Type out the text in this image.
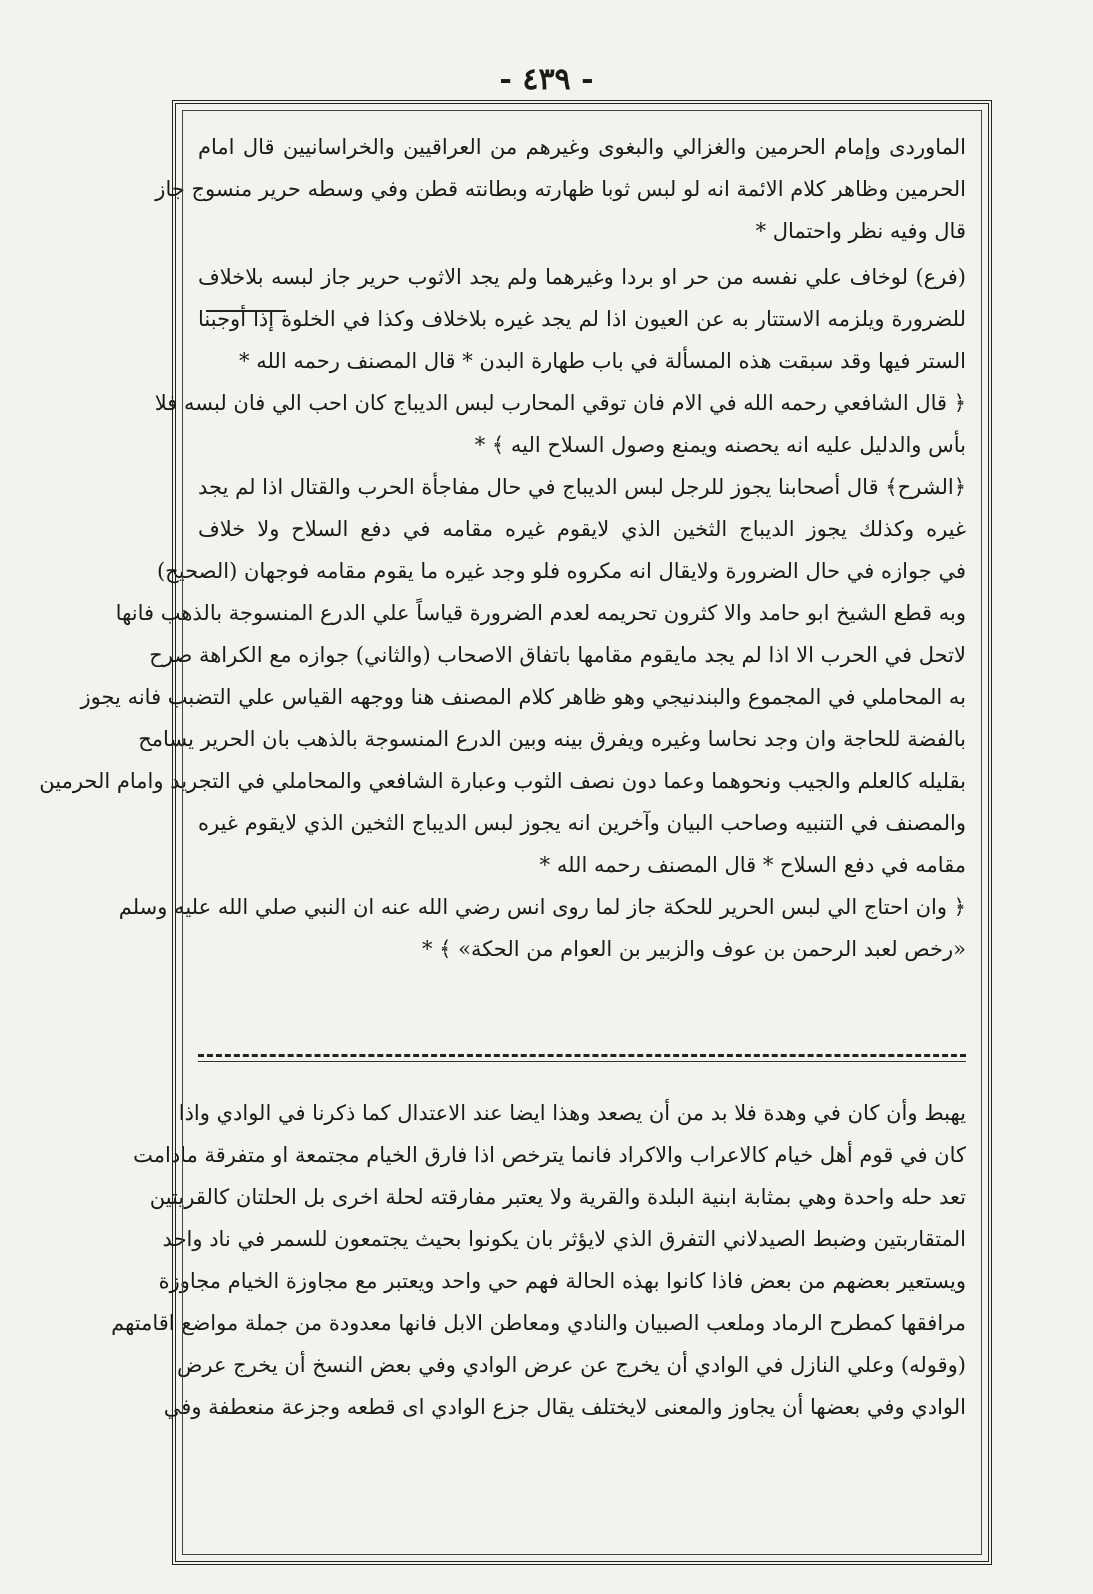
- ٤٣٩ -
الماوردى وإمام الحرمين والغزالي والبغوى وغيرهم من العراقيين والخراسانيين قال امام
الحرمين وظاهر كلام الائمة انه لو لبس ثوبا ظهارته وبطانته قطن وفي وسطه حرير منسوج جاز
قال وفيه نظر واحتمال *
(فرع) لوخاف علي نفسه من حر او بردا وغيرهما ولم يجد الاثوب حرير جاز لبسه بلاخلاف
للضرورة ويلزمه الاستتار به عن العيون اذا لم يجد غيره بلاخلاف وكذا في الخلوة إذا أوجبنا
الستر فيها وقد سبقت هذه المسألة في باب طهارة البدن * قال المصنف رحمه الله *
﴿ قال الشافعي رحمه الله في الام فان توقي المحارب لبس الديباج كان احب الي فان لبسه فلا
بأس والدليل عليه انه يحصنه ويمنع وصول السلاح اليه ﴾ *
﴿الشرح﴾ قال أصحابنا يجوز للرجل لبس الديباج في حال مفاجأة الحرب والقتال اذا لم يجد
غيره وكذلك يجوز الديباج الثخين الذي لايقوم غيره مقامه في دفع السلاح ولا خلاف
في جوازه في حال الضرورة ولايقال انه مكروه فلو وجد غيره ما يقوم مقامه فوجهان (الصحيح)
وبه قطع الشيخ ابو حامد والا كثرون تحريمه لعدم الضرورة قياساً علي الدرع المنسوجة بالذهب فانها
لاتحل في الحرب الا اذا لم يجد مايقوم مقامها باتفاق الاصحاب (والثاني) جوازه مع الكراهة صرح
به المحاملي في المجموع والبندنيجي وهو ظاهر كلام المصنف هنا ووجهه القياس علي التضبب فانه يجوز
بالفضة للحاجة وان وجد نحاسا وغيره ويفرق بينه وبين الدرع المنسوجة بالذهب بان الحرير يسامح
بقليله كالعلم والجيب ونحوهما وعما دون نصف الثوب وعبارة الشافعي والمحاملي في التجريد وامام الحرمين
والمصنف في التنبيه وصاحب البيان وآخرين انه يجوز لبس الديباج الثخين الذي لايقوم غيره
مقامه في دفع السلاح * قال المصنف رحمه الله *
﴿ وان احتاج الي لبس الحرير للحكة جاز لما روى انس رضي الله عنه ان النبي صلي الله عليه وسلم
«رخص لعبد الرحمن بن عوف والزبير بن العوام من الحكة» ﴾ *
يهبط وأن كان في وهدة فلا بد من أن يصعد وهذا ايضا عند الاعتدال كما ذكرنا في الوادي واذا
كان في قوم أهل خيام كالاعراب والاكراد فانما يترخص اذا فارق الخيام مجتمعة او متفرقة مادامت
تعد حله واحدة وهي بمثابة ابنية البلدة والقرية ولا يعتبر مفارقته لحلة اخرى بل الحلتان كالقريتين
المتقاربتين وضبط الصيدلاني التفرق الذي لايؤثر بان يكونوا بحيث يجتمعون للسمر في ناد واحد
ويستعير بعضهم من بعض فاذا كانوا بهذه الحالة فهم حي واحد ويعتبر مع مجاوزة الخيام مجاوزة
مرافقها كمطرح الرماد وملعب الصبيان والنادي ومعاطن الابل فانها معدودة من جملة مواضع اقامتهم
(وقوله) وعلي النازل في الوادي أن يخرج عن عرض الوادي وفي بعض النسخ أن يخرج عرض
الوادي وفي بعضها أن يجاوز والمعنى لايختلف يقال جزع الوادي اى قطعه وجزعة منعطفة وفي
